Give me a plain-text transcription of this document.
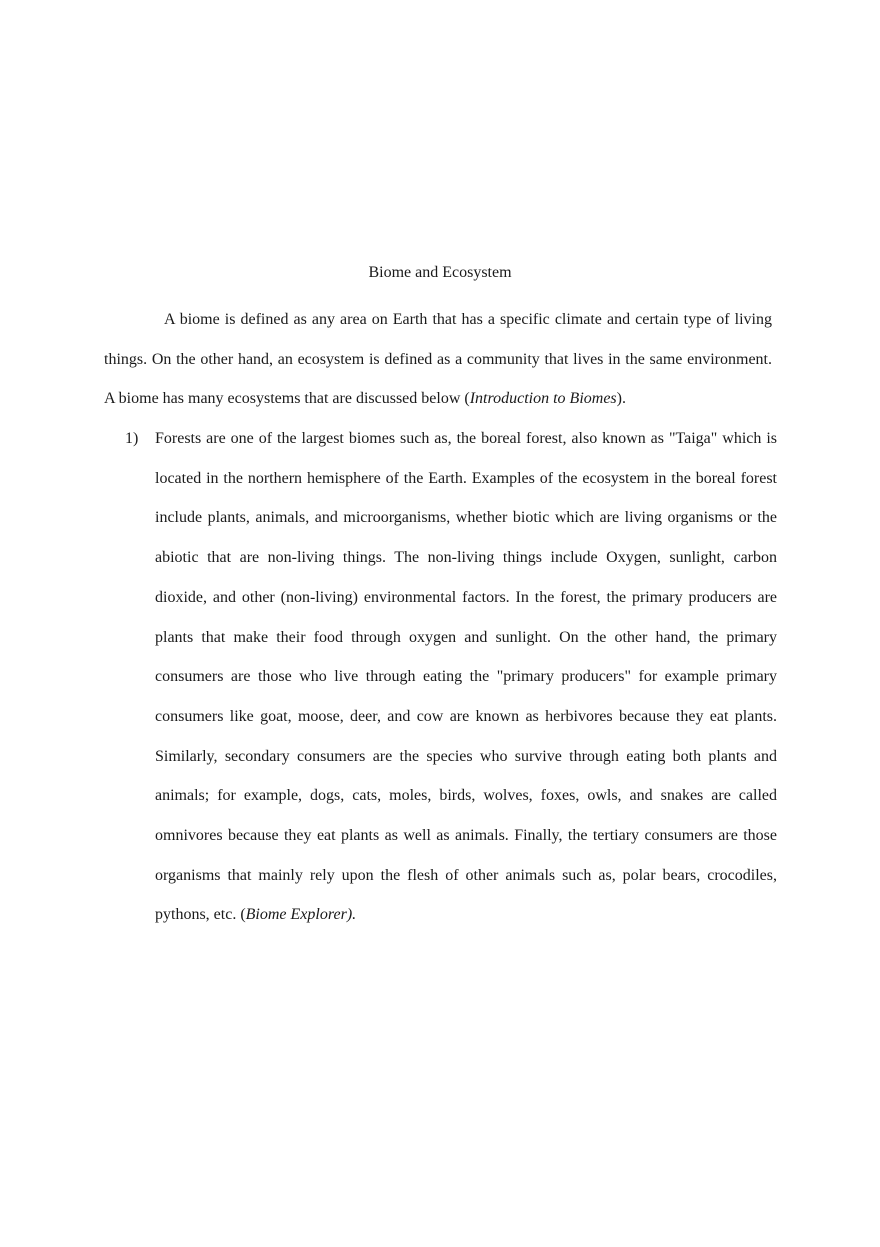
Biome and Ecosystem

A biome is defined as any area on Earth that has a specific climate and certain type of living things. On the other hand, an ecosystem is defined as a community that lives in the same environment. A biome has many ecosystems that are discussed below (Introduction to Biomes).

1) Forests are one of the largest biomes such as, the boreal forest, also known as "Taiga" which is located in the northern hemisphere of the Earth. Examples of the ecosystem in the boreal forest include plants, animals, and microorganisms, whether biotic which are living organisms or the abiotic that are non-living things. The non-living things include Oxygen, sunlight, carbon dioxide, and other (non-living) environmental factors. In the forest, the primary producers are plants that make their food through oxygen and sunlight. On the other hand, the primary consumers are those who live through eating the "primary producers" for example primary consumers like goat, moose, deer, and cow are known as herbivores because they eat plants. Similarly, secondary consumers are the species who survive through eating both plants and animals; for example, dogs, cats, moles, birds, wolves, foxes, owls, and snakes are called omnivores because they eat plants as well as animals. Finally, the tertiary consumers are those organisms that mainly rely upon the flesh of other animals such as, polar bears, crocodiles, pythons, etc. (Biome Explorer).
